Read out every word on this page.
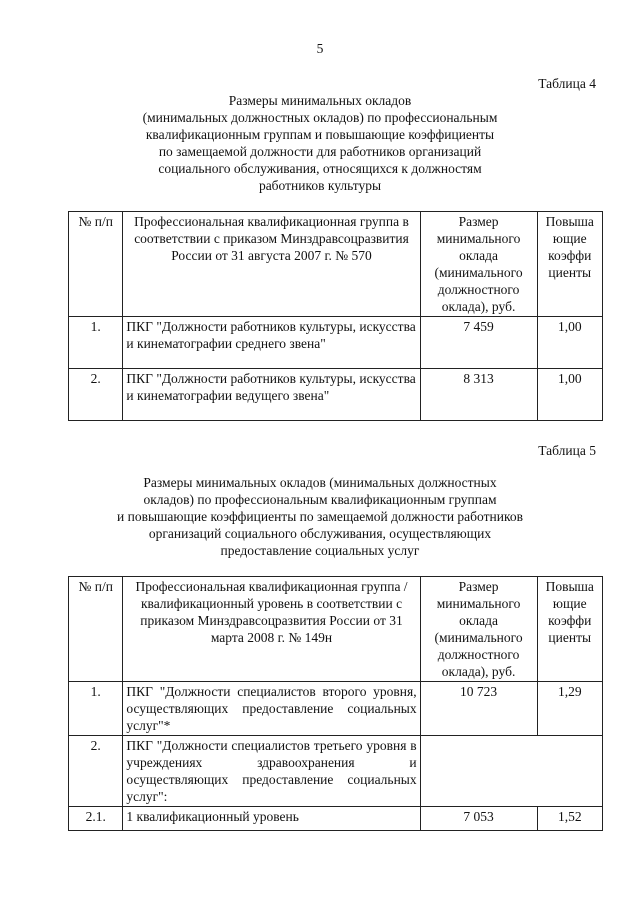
5
Таблица 4
Размеры минимальных окладов
(минимальных должностных окладов) по профессиональным
квалификационным группам и повышающие коэффициенты
по замещаемой должности для работников организаций
социального обслуживания, относящихся к должностям
работников культуры
№ п/п	Профессиональная квалификационная группа в соответствии с приказом Минздравсоцразвития России от 31 августа 2007 г. № 570	Размер минимального оклада (минимального должностного оклада), руб.	Повыша ющие коэффи циенты
1.	ПКГ "Должности работников культуры, искусства и кинематографии среднего звена"	7 459	1,00
2.	ПКГ "Должности работников культуры, искусства и кинематографии ведущего звена"	8 313	1,00
Таблица 5
Размеры минимальных окладов (минимальных должностных
окладов) по профессиональным квалификационным группам
и повышающие коэффициенты по замещаемой должности работников
организаций социального обслуживания, осуществляющих
предоставление социальных услуг
№ п/п	Профессиональная квалификационная группа / квалификационный уровень в соответствии с приказом Минздравсоцразвития России от 31 марта 2008 г. № 149н	Размер минимального оклада (минимального должностного оклада), руб.	Повыша ющие коэффи циенты
1.	ПКГ "Должности специалистов второго уровня, осуществляющих предоставление социальных услуг"*	10 723	1,29
2.	ПКГ "Должности специалистов третьего уровня в учреждениях здравоохранения и осуществляющих предоставление социальных услуг":		
2.1.	1 квалификационный уровень	7 053	1,52
